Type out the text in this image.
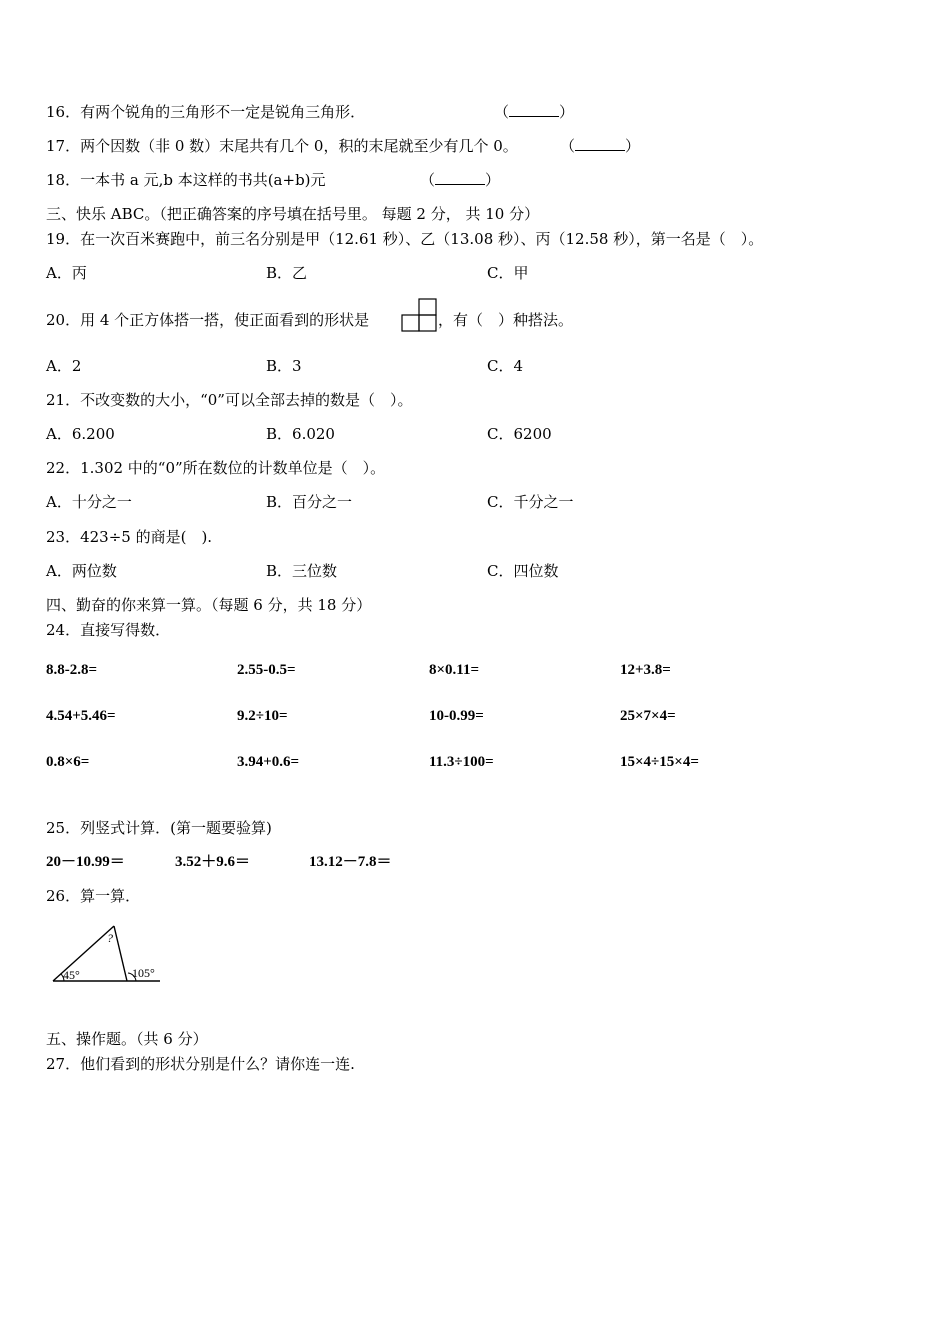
16．有两个锐角的三角形不一定是锐角三角形．	（	）
17．两个因数（非 0 数）末尾共有几个 0，积的末尾就至少有几个 0。	（	）
18．一本书 a 元,b 本这样的书共(a+b)元	（	）
三、快乐 ABC。（把正确答案的序号填在括号里。 每题 2 分， 共 10 分）
19．在一次百米赛跑中，前三名分别是甲（12.61 秒）、乙（13.08 秒）、丙（12.58 秒），第一名是（　）。
A．丙	B．乙	C．甲
20．用 4 个正方体搭一搭，使正面看到的形状是	，有（　）种搭法。
A．2	B．3	C．4
21．不改变数的大小，“0”可以全部去掉的数是（　）。
A．6.200	B．6.020	C．6200
22．1.302 中的“0”所在数位的计数单位是（　）。
A．十分之一	B．百分之一	C．千分之一
23．423÷5 的商是(　).
A．两位数	B．三位数	C．四位数
四、勤奋的你来算一算。（每题 6 分，共 18 分）
24．直接写得数．
8.8-2.8=	2.55-0.5=	8×0.11=	12+3.8=
4.54+5.46=	9.2÷10=	10-0.99=	25×7×4=
0.8×6=	3.94+0.6=	11.3÷100=	15×4÷15×4=
25．列竖式计算．(第一题要验算)
20－10.99＝	3.52＋9.6＝	13.12－7.8＝
26．算一算．
45°
?
105°
五、操作题。（共 6 分）
27．他们看到的形状分别是什么？请你连一连.
